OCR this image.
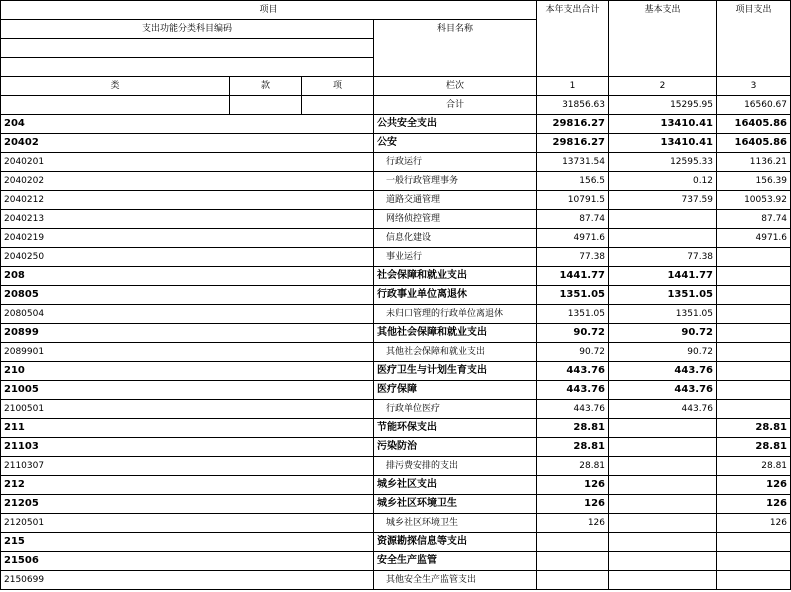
项目				本年支出合计	基本支出	项目支出
支出功能分类科目编码			科目名称			

类	款	项	栏次	1	2	3
			合计	31856.63	15295.95	16560.67
204			公共安全支出	29816.27	13410.41	16405.86
20402			公安	29816.27	13410.41	16405.86
2040201			行政运行	13731.54	12595.33	1136.21
2040202			一般行政管理事务	156.5	0.12	156.39
2040212			道路交通管理	10791.5	737.59	10053.92
2040213			网络侦控管理	87.74		87.74
2040219			信息化建设	4971.6		4971.6
2040250			事业运行	77.38	77.38	
208			社会保障和就业支出	1441.77	1441.77	
20805			行政事业单位离退休	1351.05	1351.05	
2080504			未归口管理的行政单位离退休	1351.05	1351.05	
20899			其他社会保障和就业支出	90.72	90.72	
2089901			其他社会保障和就业支出	90.72	90.72	
210			医疗卫生与计划生育支出	443.76	443.76	
21005			医疗保障	443.76	443.76	
2100501			行政单位医疗	443.76	443.76	
211			节能环保支出	28.81		28.81
21103			污染防治	28.81		28.81
2110307			排污费安排的支出	28.81		28.81
212			城乡社区支出	126		126
21205			城乡社区环境卫生	126		126
2120501			城乡社区环境卫生	126		126
215			资源勘探信息等支出			
21506			安全生产监管			
2150699			其他安全生产监管支出			
